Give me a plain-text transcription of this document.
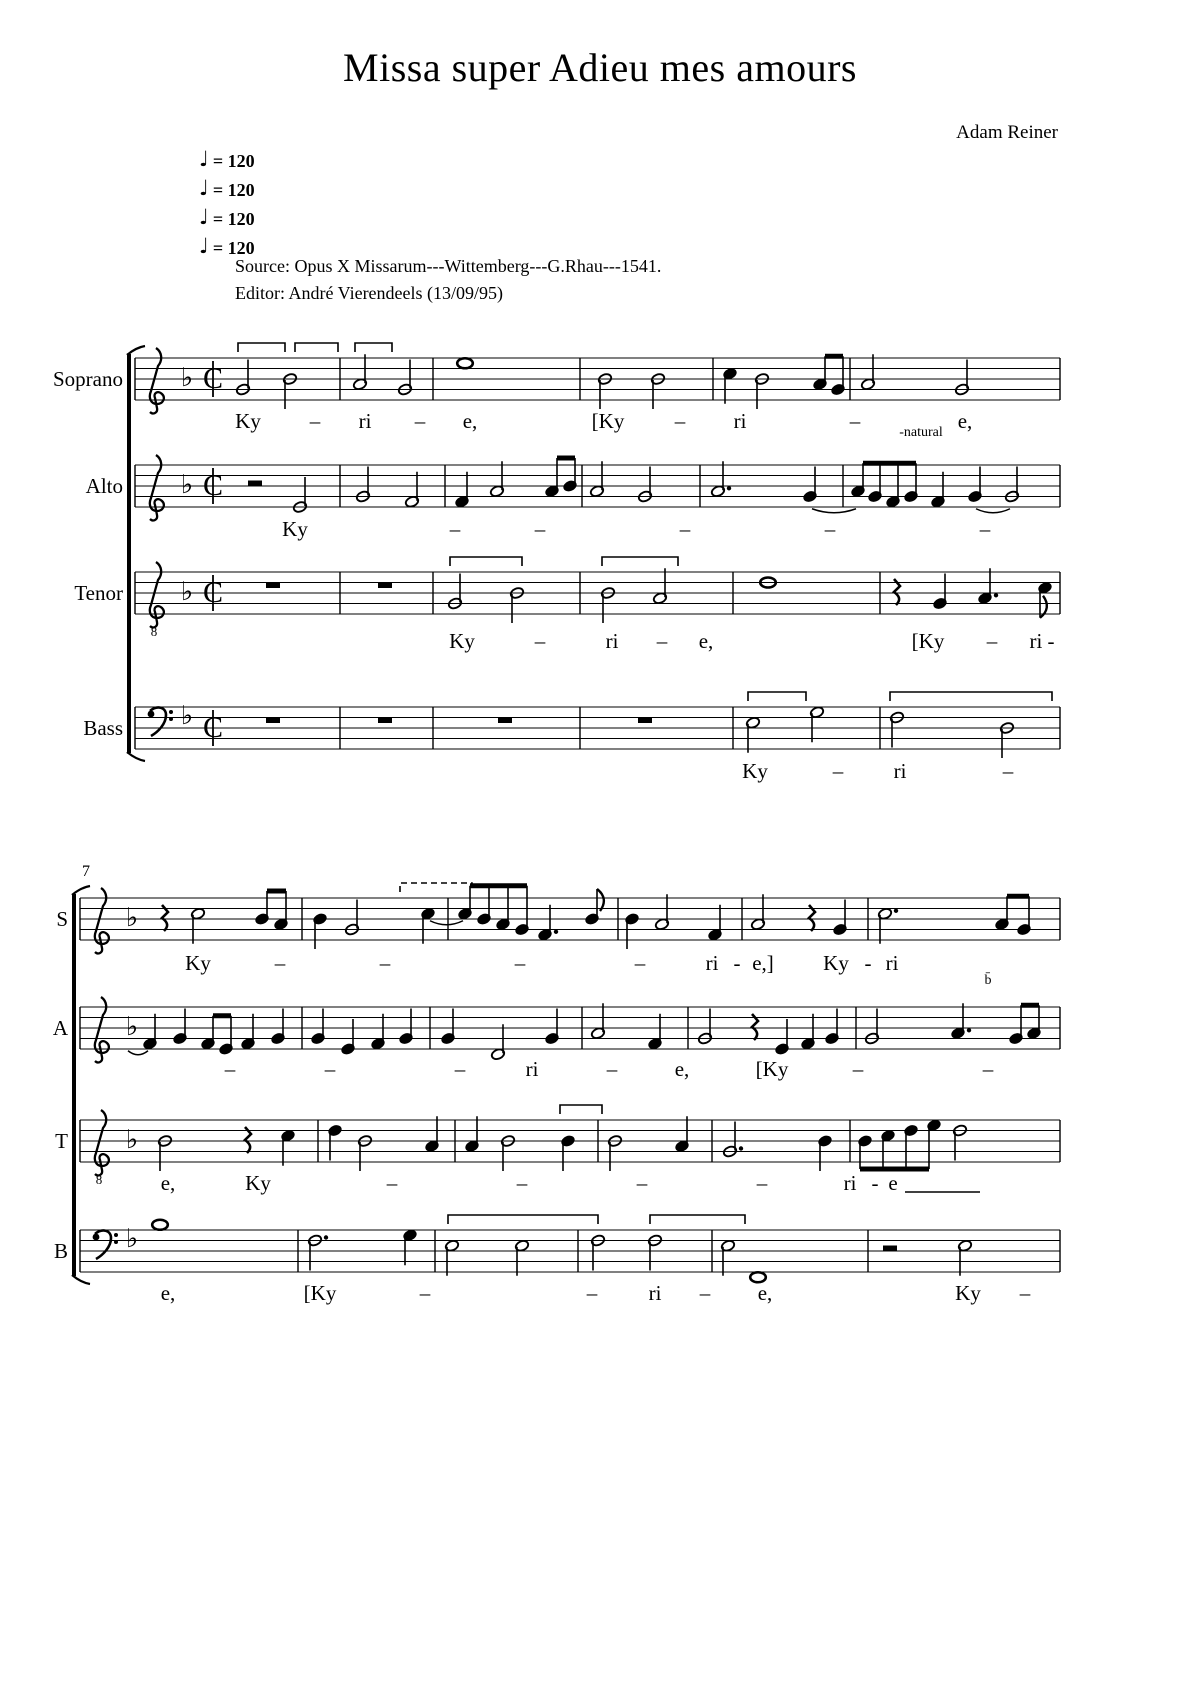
Missa super Adieu mes amours
Adam Reiner
♩ = 120
♩ = 120
♩ = 120
♩ = 120
Source: Opus X Missarum---Wittemberg---G.Rhau---1541.
Editor: André Vierendeels (13/09/95)
Soprano ♭ C
Ky – ri – e,	[Ky – ri	–	-natural e,
Alto ♭ C
Ky	–	–	–	–	–
Tenor
8
♭ C
Ky	–	ri – e,	[Ky – ri -
Bass ♭ C
Ky	– ri	–
7
S ♭
Ky	–	–	–	–	ri - e,] Ky - ri
b̄
A ♭
–	–	–	ri	–	e,	[Ky	–	–
T
8
♭
e,	Ky	–	–	–	–	ri - e
B ♭
e,	[Ky	–	– ri – e,	Ky –
